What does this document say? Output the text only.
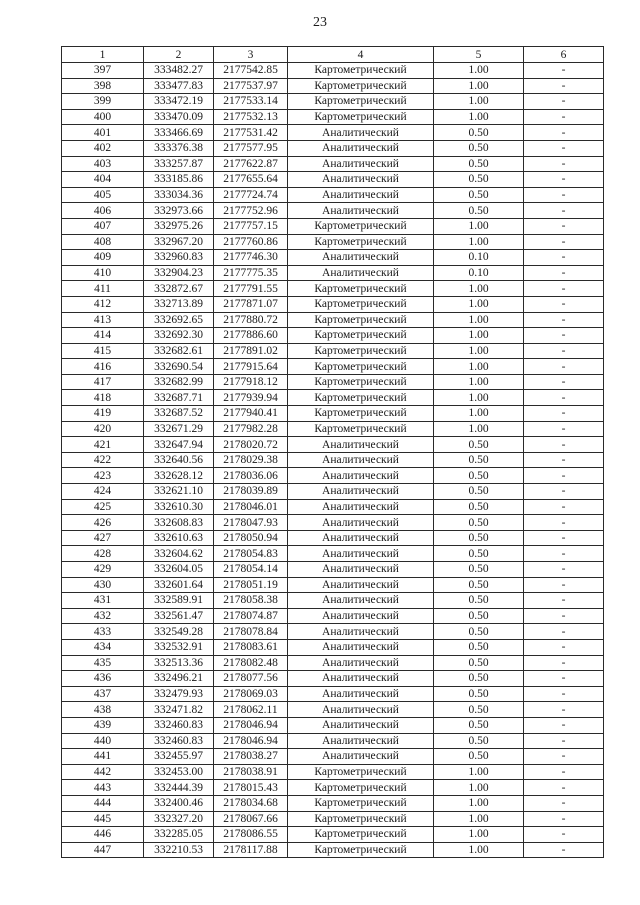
23
1	2	3	4	5	6
397	333482.27	2177542.85	Картометрический	1.00	-
398	333477.83	2177537.97	Картометрический	1.00	-
399	333472.19	2177533.14	Картометрический	1.00	-
400	333470.09	2177532.13	Картометрический	1.00	-
401	333466.69	2177531.42	Аналитический	0.50	-
402	333376.38	2177577.95	Аналитический	0.50	-
403	333257.87	2177622.87	Аналитический	0.50	-
404	333185.86	2177655.64	Аналитический	0.50	-
405	333034.36	2177724.74	Аналитический	0.50	-
406	332973.66	2177752.96	Аналитический	0.50	-
407	332975.26	2177757.15	Картометрический	1.00	-
408	332967.20	2177760.86	Картометрический	1.00	-
409	332960.83	2177746.30	Аналитический	0.10	-
410	332904.23	2177775.35	Аналитический	0.10	-
411	332872.67	2177791.55	Картометрический	1.00	-
412	332713.89	2177871.07	Картометрический	1.00	-
413	332692.65	2177880.72	Картометрический	1.00	-
414	332692.30	2177886.60	Картометрический	1.00	-
415	332682.61	2177891.02	Картометрический	1.00	-
416	332690.54	2177915.64	Картометрический	1.00	-
417	332682.99	2177918.12	Картометрический	1.00	-
418	332687.71	2177939.94	Картометрический	1.00	-
419	332687.52	2177940.41	Картометрический	1.00	-
420	332671.29	2177982.28	Картометрический	1.00	-
421	332647.94	2178020.72	Аналитический	0.50	-
422	332640.56	2178029.38	Аналитический	0.50	-
423	332628.12	2178036.06	Аналитический	0.50	-
424	332621.10	2178039.89	Аналитический	0.50	-
425	332610.30	2178046.01	Аналитический	0.50	-
426	332608.83	2178047.93	Аналитический	0.50	-
427	332610.63	2178050.94	Аналитический	0.50	-
428	332604.62	2178054.83	Аналитический	0.50	-
429	332604.05	2178054.14	Аналитический	0.50	-
430	332601.64	2178051.19	Аналитический	0.50	-
431	332589.91	2178058.38	Аналитический	0.50	-
432	332561.47	2178074.87	Аналитический	0.50	-
433	332549.28	2178078.84	Аналитический	0.50	-
434	332532.91	2178083.61	Аналитический	0.50	-
435	332513.36	2178082.48	Аналитический	0.50	-
436	332496.21	2178077.56	Аналитический	0.50	-
437	332479.93	2178069.03	Аналитический	0.50	-
438	332471.82	2178062.11	Аналитический	0.50	-
439	332460.83	2178046.94	Аналитический	0.50	-
440	332460.83	2178046.94	Аналитический	0.50	-
441	332455.97	2178038.27	Аналитический	0.50	-
442	332453.00	2178038.91	Картометрический	1.00	-
443	332444.39	2178015.43	Картометрический	1.00	-
444	332400.46	2178034.68	Картометрический	1.00	-
445	332327.20	2178067.66	Картометрический	1.00	-
446	332285.05	2178086.55	Картометрический	1.00	-
447	332210.53	2178117.88	Картометрический	1.00	-
